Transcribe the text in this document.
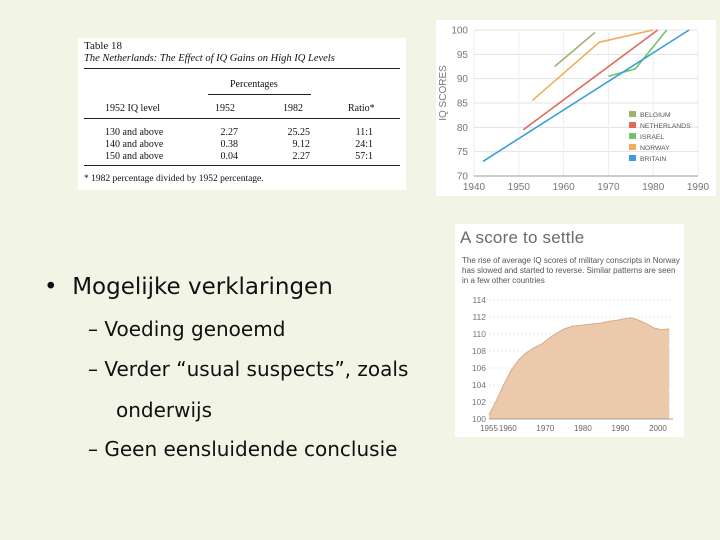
Table 18
The Netherlands: The Effect of IQ Gains on High IQ Levels
Percentages
1952 IQ level	1952	1982	Ratio*
130 and above	2.27	25.25	11:1
140 and above	0.38	9.12	24:1
150 and above	0.04	2.27	57:1
* 1982 percentage divided by 1952 percentage.	70
75
80
85
90
95
100
1940 1950 1960 1970 1980 1990
IQ SCORES	BELGIUM
NETHERLANDS
ISRAEL
NORWAY
BRITAIN
A score to settle
The rise of average IQ scores of military conscripts in Norway has slowed and started to reverse. Similar patterns are seen in a few other countries
100
102
104
106
108
110
112
114
1955 1960 1970 1980 1990 2000
•  Mogelijke verklaringen
– Voeding genoemd
– Verder “usual suspects”, zoals
onderwijs
– Geen eensluidende conclusie
